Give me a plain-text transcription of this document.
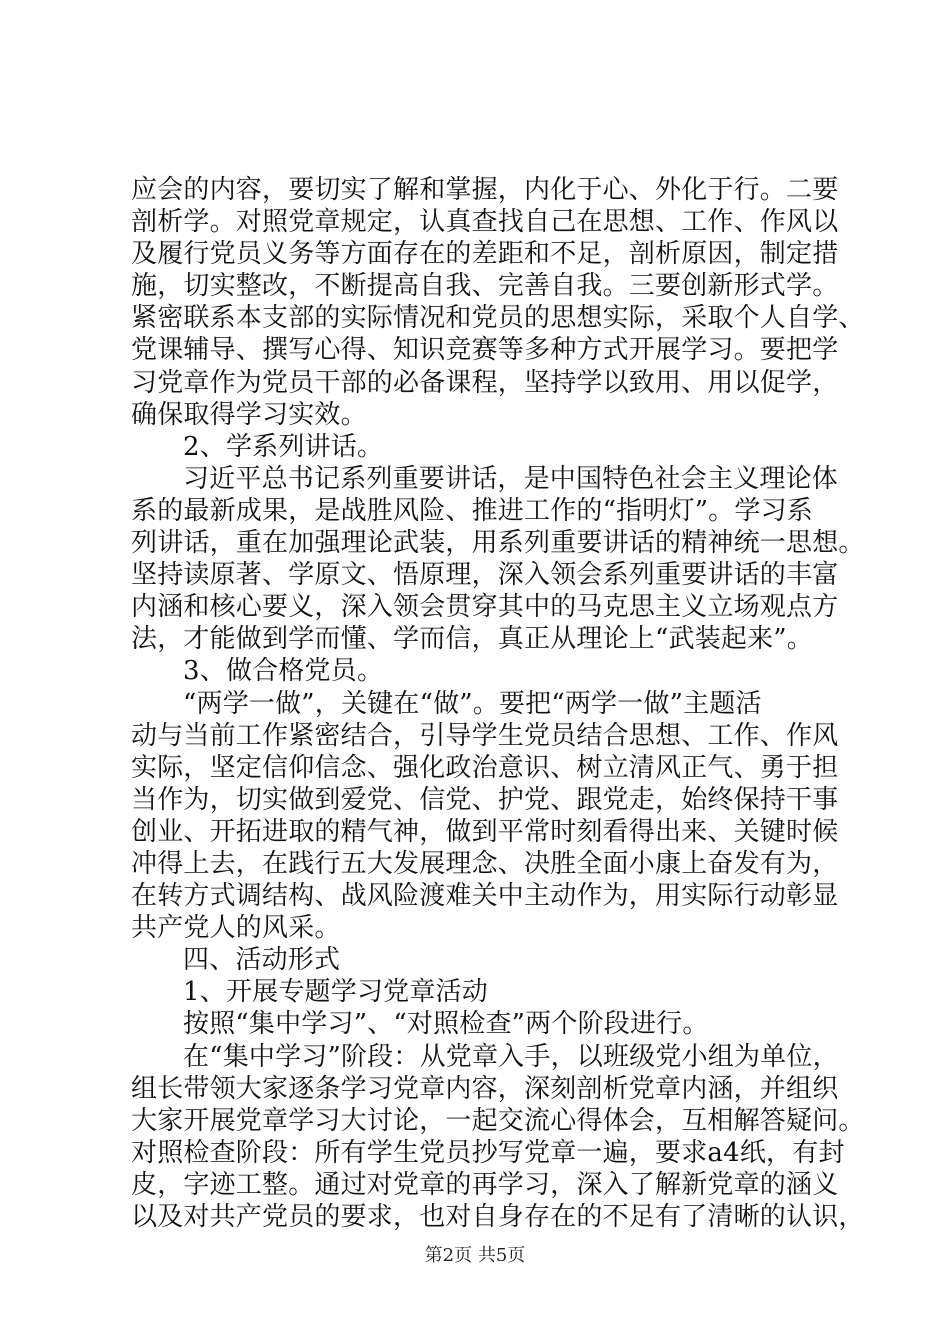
应会的内容，要切实了解和掌握，内化于心、外化于行。二要
剖析学。对照党章规定，认真查找自己在思想、工作、作风以
及履行党员义务等方面存在的差距和不足，剖析原因，制定措
施，切实整改，不断提高自我、完善自我。三要创新形式学。
紧密联系本支部的实际情况和党员的思想实际，采取个人自学、
党课辅导、撰写心得、知识竞赛等多种方式开展学习。要把学
习党章作为党员干部的必备课程，坚持学以致用、用以促学，
确保取得学习实效。
2、学系列讲话。
习近平总书记系列重要讲话，是中国特色社会主义理论体
系的最新成果，是战胜风险、推进工作的“指明灯”。学习系
列讲话，重在加强理论武装，用系列重要讲话的精神统一思想。
坚持读原著、学原文、悟原理，深入领会系列重要讲话的丰富
内涵和核心要义，深入领会贯穿其中的马克思主义立场观点方
法，才能做到学而懂、学而信，真正从理论上“武装起来”。
3、做合格党员。
“两学一做”，关键在“做”。要把“两学一做”主题活
动与当前工作紧密结合，引导学生党员结合思想、工作、作风
实际，坚定信仰信念、强化政治意识、树立清风正气、勇于担
当作为，切实做到爱党、信党、护党、跟党走，始终保持干事
创业、开拓进取的精气神，做到平常时刻看得出来、关键时候
冲得上去，在践行五大发展理念、决胜全面小康上奋发有为，
在转方式调结构、战风险渡难关中主动作为，用实际行动彰显
共产党人的风采。
四、活动形式
1、开展专题学习党章活动
按照“集中学习”、“对照检查”两个阶段进行。
在“集中学习”阶段：从党章入手，以班级党小组为单位，
组长带领大家逐条学习党章内容，深刻剖析党章内涵，并组织
大家开展党章学习大讨论，一起交流心得体会，互相解答疑问。
对照检查阶段：所有学生党员抄写党章一遍，要求a4纸，有封
皮，字迹工整。通过对党章的再学习，深入了解新党章的涵义
以及对共产党员的要求，也对自身存在的不足有了清晰的认识，
第2页 共5页
